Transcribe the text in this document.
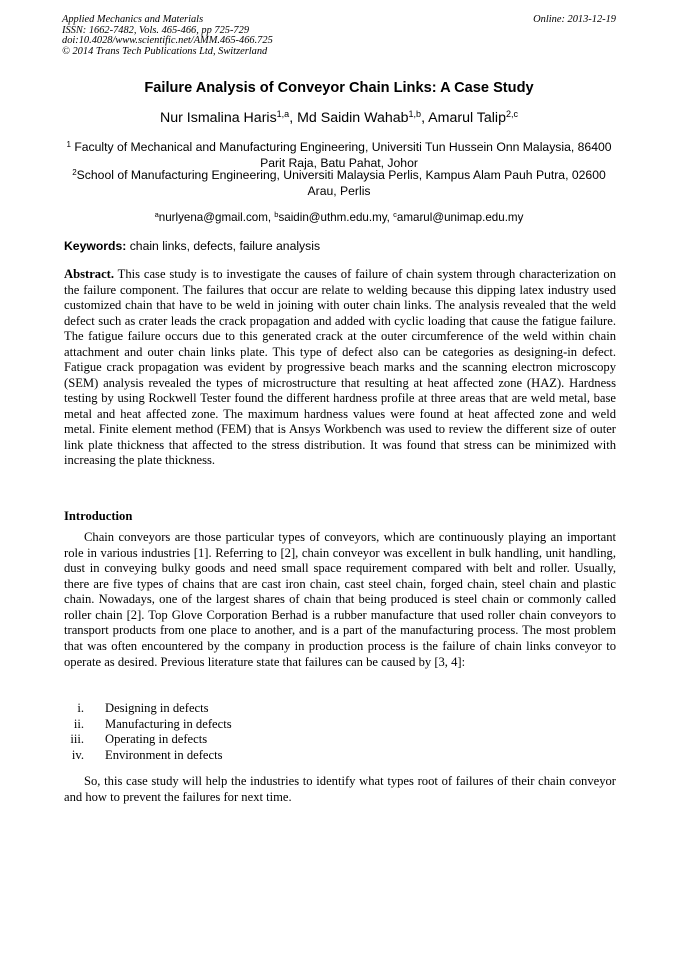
Applied Mechanics and Materials
ISSN: 1662-7482, Vols. 465-466, pp 725-729
doi:10.4028/www.scientific.net/AMM.465-466.725
© 2014 Trans Tech Publications Ltd, Switzerland
Online: 2013-12-19
Failure Analysis of Conveyor Chain Links: A Case Study
Nur Ismalina Haris$^{1,a}$, Md Saidin Wahab$^{1,b}$, Amarul Talip$^{2,c}$
$^1$ Faculty of Mechanical and Manufacturing Engineering, Universiti Tun Hussein Onn Malaysia, 86400 Parit Raja, Batu Pahat, Johor
$^2$School of Manufacturing Engineering, Universiti Malaysia Perlis, Kampus Alam Pauh Putra, 02600 Arau, Perlis
$^a$nurlyena@gmail.com, $^b$saidin@uthm.edu.my, $^c$amarul@unimap.edu.my
Keywords: chain links, defects, failure analysis
Abstract. This case study is to investigate the causes of failure of chain system through characterization on the failure component. The failures that occur are relate to welding because this dipping latex industry used customized chain that have to be weld in joining with outer chain links. The analysis revealed that the weld defect such as crater leads the crack propagation and added with cyclic loading that cause the fatigue failure. The fatigue failure occurs due to this generated crack at the outer circumference of the weld within chain attachment and outer chain links plate. This type of defect also can be categories as designing-in defect. Fatigue crack propagation was evident by progressive beach marks and the scanning electron microscopy (SEM) analysis revealed the types of microstructure that resulting at heat affected zone (HAZ). Hardness testing by using Rockwell Tester found the different hardness profile at three areas that are weld metal, base metal and heat affected zone. The maximum hardness values were found at heat affected zone and weld metal. Finite element method (FEM) that is Ansys Workbench was used to review the different size of outer link plate thickness that affected to the stress distribution. It was found that stress can be minimized with increasing the plate thickness.
Introduction
Chain conveyors are those particular types of conveyors, which are continuously playing an important role in various industries [1]. Referring to [2], chain conveyor was excellent in bulk handling, unit handling, dust in conveying bulky goods and need small space requirement compared with belt and roller. Usually, there are five types of chains that are cast iron chain, cast steel chain, forged chain, steel chain and plastic chain. Nowadays, one of the largest shares of chain that being produced is steel chain or commonly called roller chain [2]. Top Glove Corporation Berhad is a rubber manufacture that used roller chain conveyors to transport products from one place to another, and is a part of the manufacturing process. The most problem that was often encountered by the company in production process is the failure of chain links conveyor to operate as desired. Previous literature state that failures can be caused by [3, 4]:
i. Designing in defects
ii. Manufacturing in defects
iii. Operating in defects
iv. Environment in defects
So, this case study will help the industries to identify what types root of failures of their chain conveyor and how to prevent the failures for next time.
